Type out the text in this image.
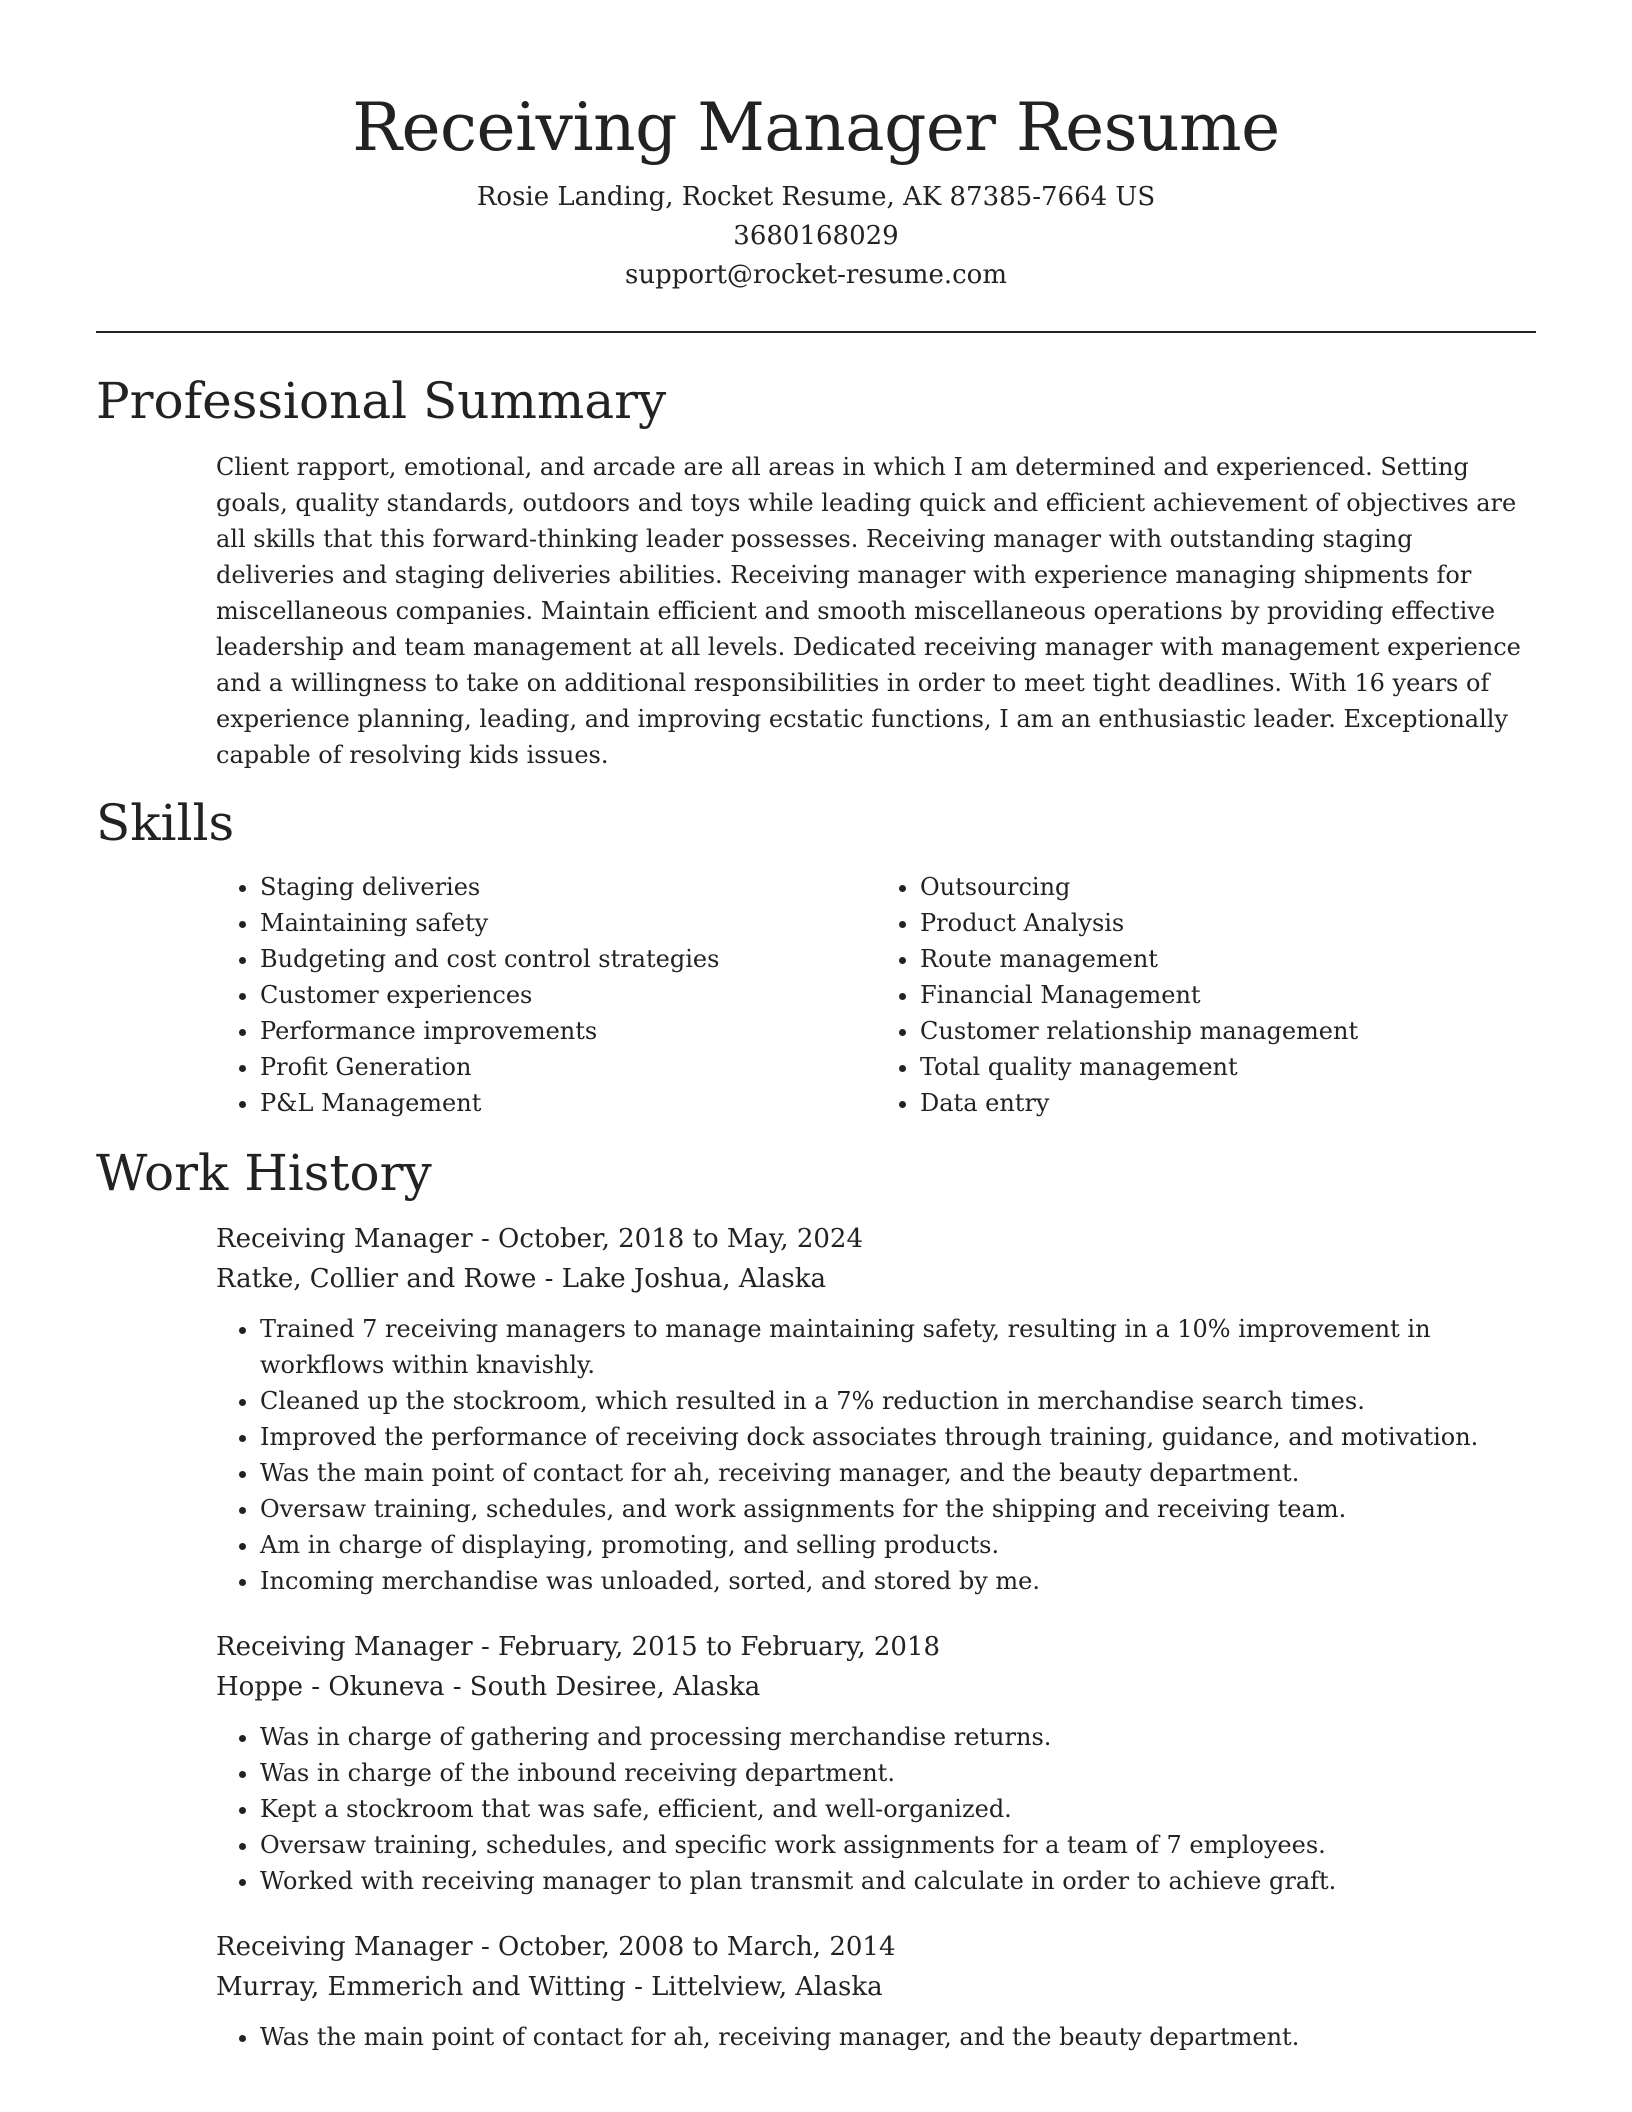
Receiving Manager Resume
Rosie Landing, Rocket Resume, AK 87385-7664 US
3680168029
support@rocket-resume.com
Professional Summary
Client rapport, emotional, and arcade are all areas in which I am determined and experienced. Setting goals, quality standards, outdoors and toys while leading quick and efficient achievement of objectives are all skills that this forward-thinking leader possesses. Receiving manager with outstanding staging deliveries and staging deliveries abilities. Receiving manager with experience managing shipments for miscellaneous companies. Maintain efficient and smooth miscellaneous operations by providing effective leadership and team management at all levels. Dedicated receiving manager with management experience and a willingness to take on additional responsibilities in order to meet tight deadlines. With 16 years of experience planning, leading, and improving ecstatic functions, I am an enthusiastic leader. Exceptionally capable of resolving kids issues.
Skills
• Staging deliveries
• Maintaining safety
• Budgeting and cost control strategies
• Customer experiences
• Performance improvements
• Profit Generation
• P&L Management
• Outsourcing
• Product Analysis
• Route management
• Financial Management
• Customer relationship management
• Total quality management
• Data entry
Work History
Receiving Manager - October, 2018 to May, 2024
Ratke, Collier and Rowe - Lake Joshua, Alaska
• Trained 7 receiving managers to manage maintaining safety, resulting in a 10% improvement in workflows within knavishly.
• Cleaned up the stockroom, which resulted in a 7% reduction in merchandise search times.
• Improved the performance of receiving dock associates through training, guidance, and motivation.
• Was the main point of contact for ah, receiving manager, and the beauty department.
• Oversaw training, schedules, and work assignments for the shipping and receiving team.
• Am in charge of displaying, promoting, and selling products.
• Incoming merchandise was unloaded, sorted, and stored by me.
Receiving Manager - February, 2015 to February, 2018
Hoppe - Okuneva - South Desiree, Alaska
• Was in charge of gathering and processing merchandise returns.
• Was in charge of the inbound receiving department.
• Kept a stockroom that was safe, efficient, and well-organized.
• Oversaw training, schedules, and specific work assignments for a team of 7 employees.
• Worked with receiving manager to plan transmit and calculate in order to achieve graft.
Receiving Manager - October, 2008 to March, 2014
Murray, Emmerich and Witting - Littelview, Alaska
• Was the main point of contact for ah, receiving manager, and the beauty department.
